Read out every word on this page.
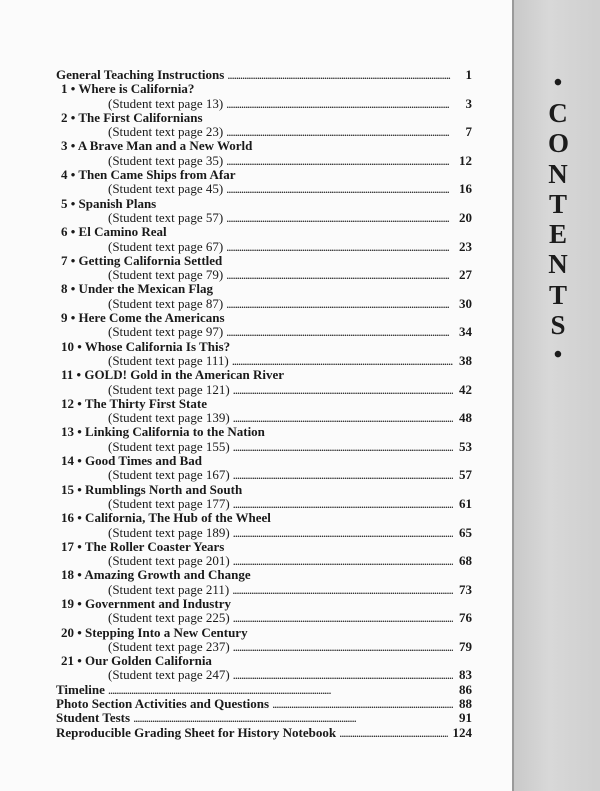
General Teaching Instructions . . .	1
1 • Where is California?
(Student text page 13) . . .	3
2 • The First Californians
(Student text page 23) . . .	7
3 • A Brave Man and a New World
(Student text page 35) . . .	12
4 • Then Came Ships from Afar
(Student text page 45) . . .	16
5 • Spanish Plans
(Student text page 57) . . .	20
6 • El Camino Real
(Student text page 67) . . .	23
7 • Getting California Settled
(Student text page 79) . . .	27
8 • Under the Mexican Flag
(Student text page 87) . . .	30
9 • Here Come the Americans
(Student text page 97) . . .	34
10 • Whose California Is This?
(Student text page 111) . . .	38
11 • GOLD! Gold in the American River
(Student text page 121) . . .	42
12 • The Thirty First State
(Student text page 139) . . .	48
13 • Linking California to the Nation
(Student text page 155) . . .	53
14 • Good Times and Bad
(Student text page 167) . . .	57
15 • Rumblings North and South
(Student text page 177) . . .	61
16 • California, The Hub of the Wheel
(Student text page 189) . . .	65
17 • The Roller Coaster Years
(Student text page 201) . . .	68
18 • Amazing Growth and Change
(Student text page 211) . . .	73
19 • Government and Industry
(Student text page 225) . . .	76
20 • Stepping Into a New Century
(Student text page 237) . . .	79
21 • Our Golden California
(Student text page 247) . . .	83
Timeline . . .	86
Photo Section Activities and Questions . . .	88
Student Tests . . .	91
Reproducible Grading Sheet for History Notebook . . .	124
•
CONTENTS
•
